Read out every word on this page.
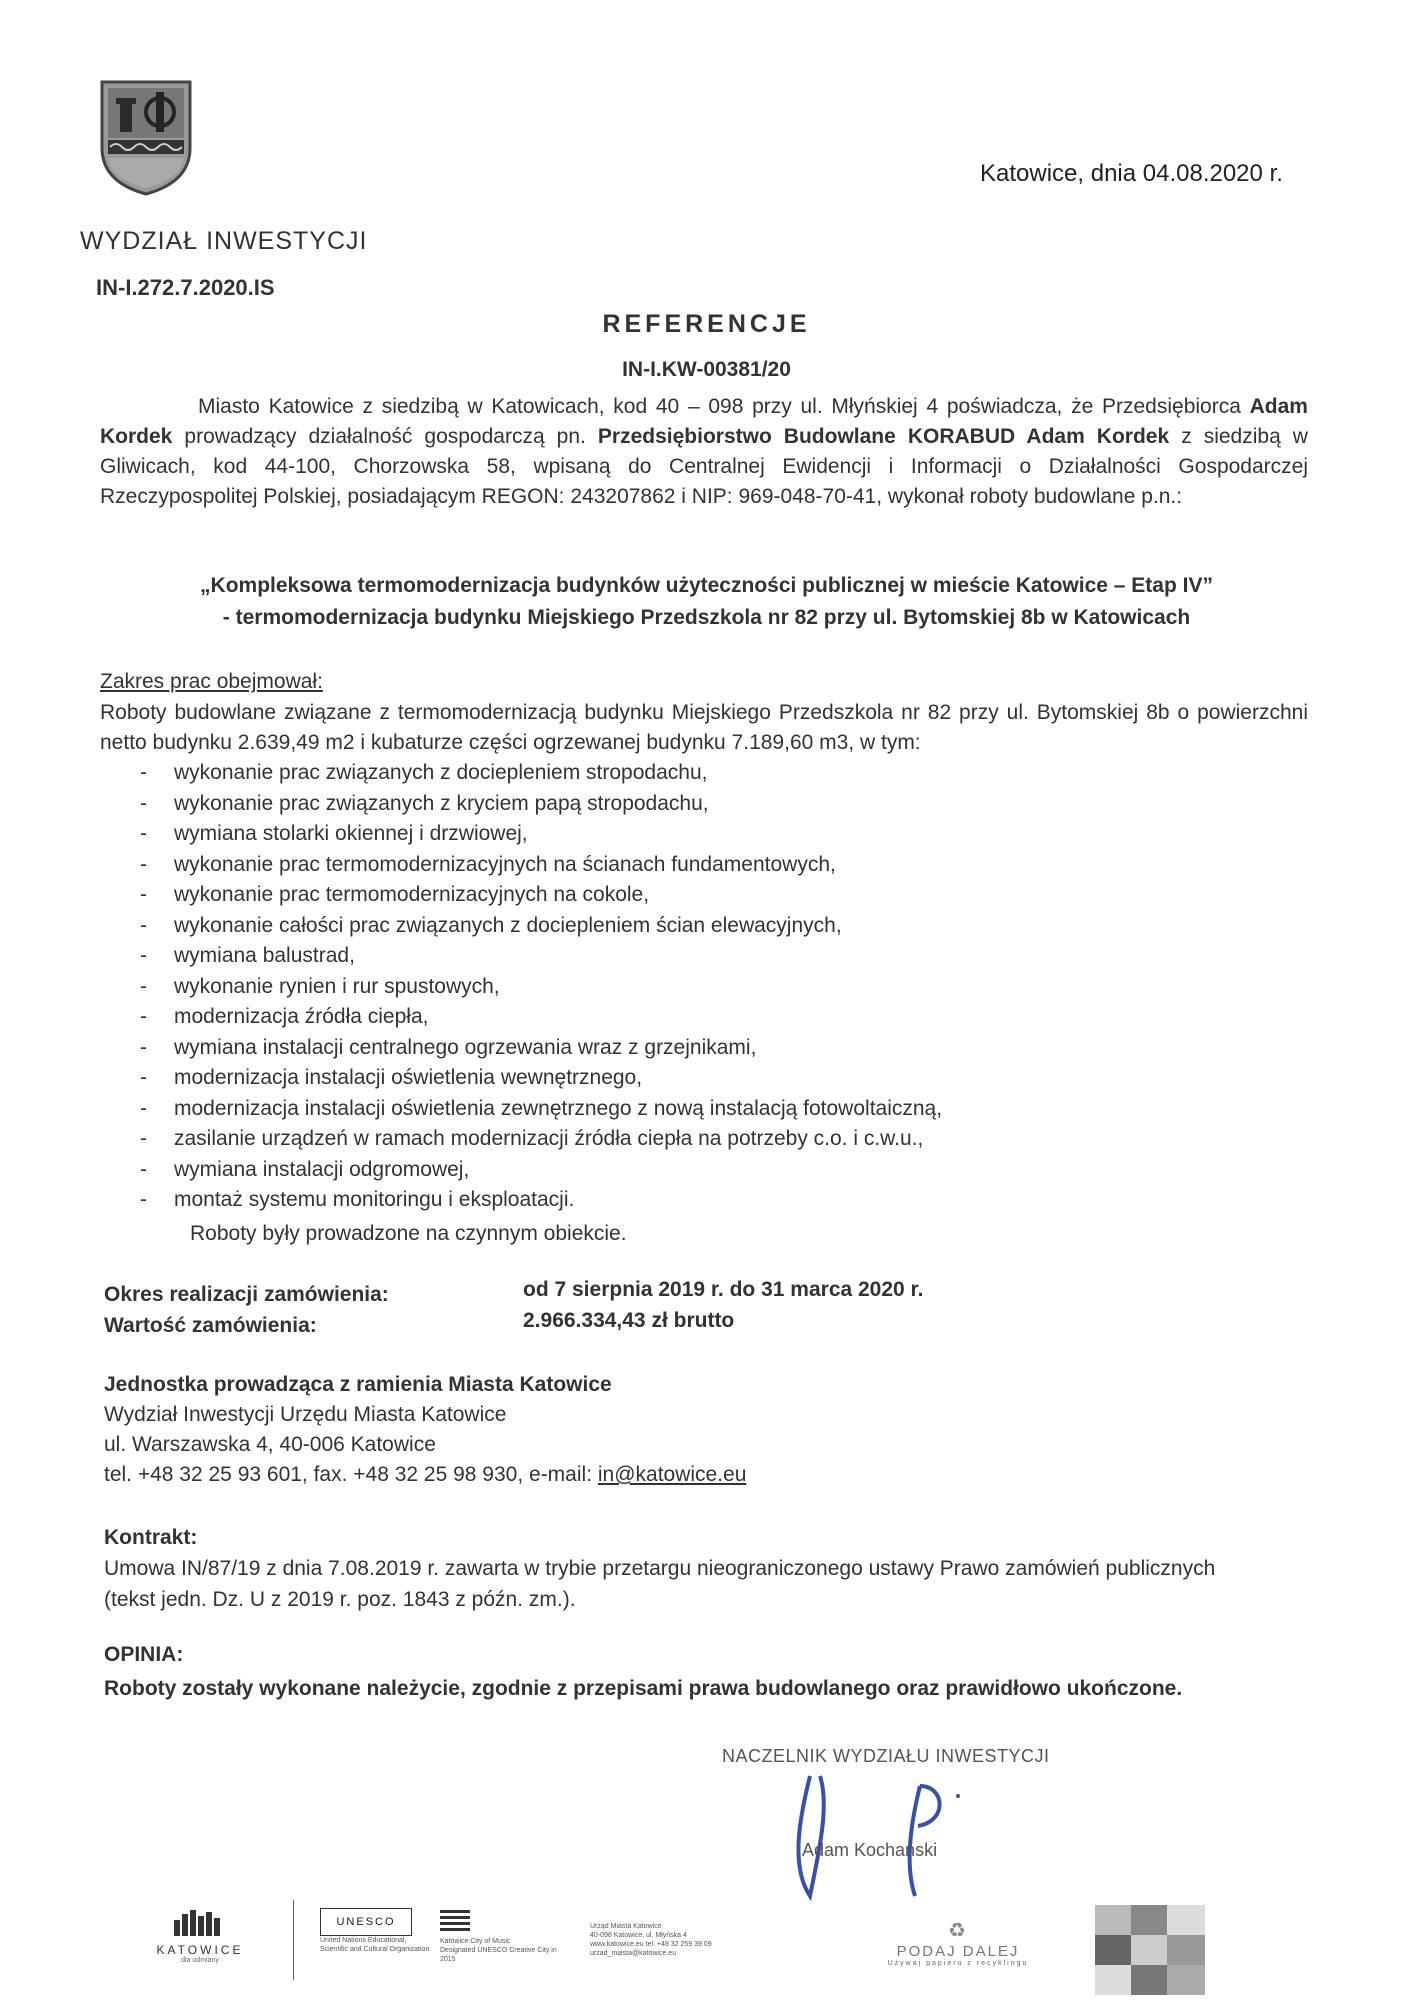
Katowice, dnia 04.08.2020 r.
WYDZIAŁ INWESTYCJI
IN-I.272.7.2020.IS
REFERENCJE
IN-I.KW-00381/20
Miasto Katowice z siedzibą w Katowicach, kod 40 – 098 przy ul. Młyńskiej 4 poświadcza, że Przedsiębiorca Adam Kordek prowadzący działalność gospodarczą pn. Przedsiębiorstwo Budowlane KORABUD Adam Kordek z siedzibą w Gliwicach, kod 44-100, Chorzowska 58, wpisaną do Centralnej Ewidencji i Informacji o Działalności Gospodarczej Rzeczypospolitej Polskiej, posiadającym REGON: 243207862 i NIP: 969-048-70-41, wykonał roboty budowlane p.n.:
„Kompleksowa termomodernizacja budynków użyteczności publicznej w mieście Katowice – Etap IV”
- termomodernizacja budynku Miejskiego Przedszkola nr 82 przy ul. Bytomskiej 8b w Katowicach
Zakres prac obejmował:
Roboty budowlane związane z termomodernizacją budynku Miejskiego Przedszkola nr 82 przy ul. Bytomskiej 8b o powierzchni netto budynku 2.639,49 m2 i kubaturze części ogrzewanej budynku 7.189,60 m3, w tym:
- wykonanie prac związanych z dociepleniem stropodachu,
- wykonanie prac związanych z kryciem papą stropodachu,
- wymiana stolarki okiennej i drzwiowej,
- wykonanie prac termomodernizacyjnych na ścianach fundamentowych,
- wykonanie prac termomodernizacyjnych na cokole,
- wykonanie całości prac związanych z dociepleniem ścian elewacyjnych,
- wymiana balustrad,
- wykonanie rynien i rur spustowych,
- modernizacja źródła ciepła,
- wymiana instalacji centralnego ogrzewania wraz z grzejnikami,
- modernizacja instalacji oświetlenia wewnętrznego,
- modernizacja instalacji oświetlenia zewnętrznego z nową instalacją fotowoltaiczną,
- zasilanie urządzeń w ramach modernizacji źródła ciepła na potrzeby c.o. i c.w.u.,
- wymiana instalacji odgromowej,
- montaż systemu monitoringu i eksploatacji.
Roboty były prowadzone na czynnym obiekcie.
Okres realizacji zamówienia:	od 7 sierpnia 2019 r. do 31 marca 2020 r.
Wartość zamówienia:	2.966.334,43 zł brutto
Jednostka prowadząca z ramienia Miasta Katowice
Wydział Inwestycji Urzędu Miasta Katowice
ul. Warszawska 4, 40-006 Katowice
tel. +48 32 25 93 601, fax. +48 32 25 98 930, e-mail: in@katowice.eu
Kontrakt:
Umowa IN/87/19 z dnia 7.08.2019 r. zawarta w trybie przetargu nieograniczonego ustawy Prawo zamówień publicznych
(tekst jedn. Dz. U z 2019 r. poz. 1843 z późn. zm.).
OPINIA:
Roboty zostały wykonane należycie, zgodnie z przepisami prawa budowlanego oraz prawidłowo ukończone.
NACZELNIK WYDZIAŁU INWESTYCJI
Adam Kochański
KATOWICE
dla odmiany
UNESCO
United Nations Educational, Scientific and Cultural Organization
Katowice City of Music
Designated UNESCO Creative City in 2015
Urząd Miasta Katowice
40-098 Katowice, ul. Młyńska 4
www.katowice.eu tel. +48 32 259 39 09
urzad_miasta@katowice.eu
♻
PODAJ DALEJ
Używaj papieru z recyklingu
